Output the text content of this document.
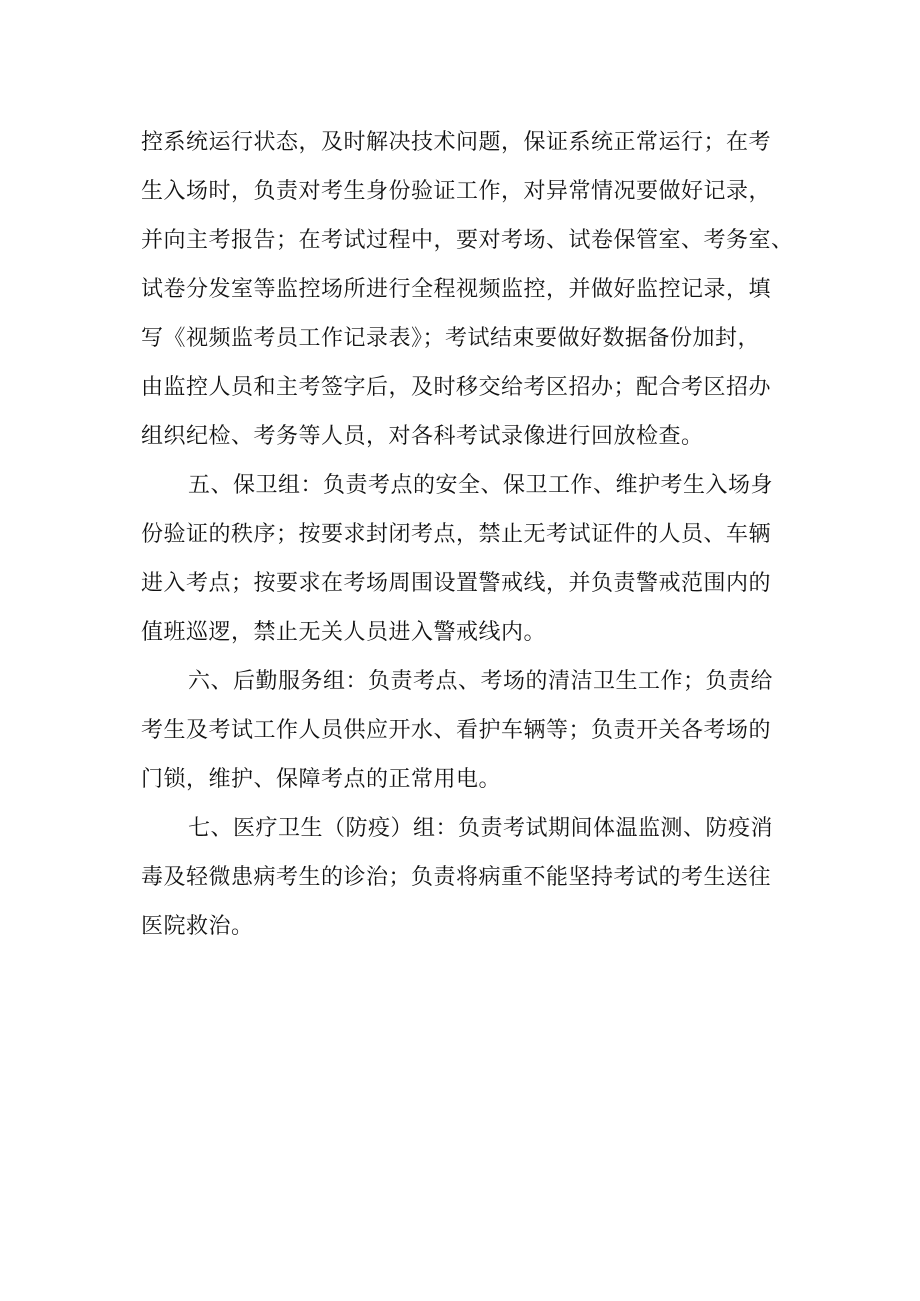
控系统运行状态，及时解决技术问题，保证系统正常运行；在考
生入场时，负责对考生身份验证工作，对异常情况要做好记录，
并向主考报告；在考试过程中，要对考场、试卷保管室、考务室、
试卷分发室等监控场所进行全程视频监控，并做好监控记录，填
写《视频监考员工作记录表》；考试结束要做好数据备份加封，
由监控人员和主考签字后，及时移交给考区招办；配合考区招办
组织纪检、考务等人员，对各科考试录像进行回放检查。
五、保卫组：负责考点的安全、保卫工作、维护考生入场身
份验证的秩序；按要求封闭考点，禁止无考试证件的人员、车辆
进入考点；按要求在考场周围设置警戒线，并负责警戒范围内的
值班巡逻，禁止无关人员进入警戒线内。
六、后勤服务组：负责考点、考场的清洁卫生工作；负责给
考生及考试工作人员供应开水、看护车辆等；负责开关各考场的
门锁，维护、保障考点的正常用电。
七、医疗卫生（防疫）组：负责考试期间体温监测、防疫消
毒及轻微患病考生的诊治；负责将病重不能坚持考试的考生送往
医院救治。
